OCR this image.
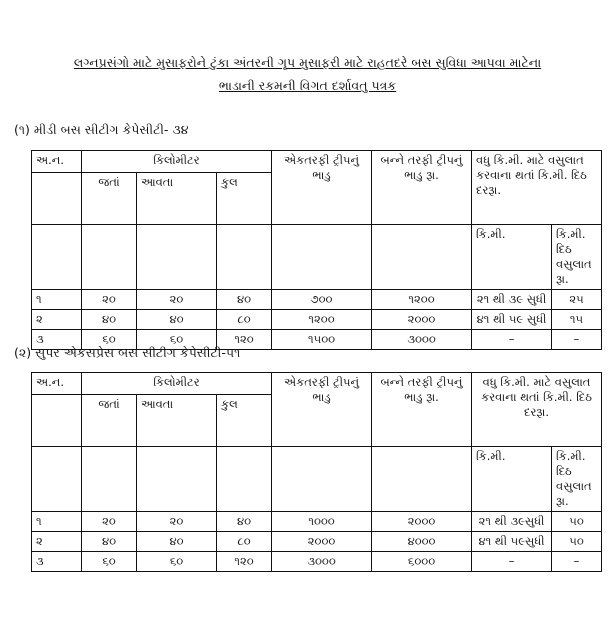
લગ્નપ્રસંગો માટે મુસાફરોને ટુંકા અંતરની ગૃપ મુસાફરી માટે રાહતદરે બસ સુવિધા આપવા માટેના
ભાડાની રકમની વિગત દર્શાવતુ પત્રક
(૧) મીડી બસ સીટીગ કેપેસીટી- ૩૪
અ.ન.	કિલોમીટર			એકતરફી ટ્રીપનું ભાડુ	બન્ને તરફી ટ્રીપનું ભાડુ રૂા.	વધુ કિ.મી. માટે વસુલાત કરવાના થતાં કિ.મી. દિઠ દરરૂા.	
	જતાં	આવતા	કુલ				
						કિ.મી.	કિ.મી. દિઠ વસુલાત રૂા.
૧	૨૦	૨૦	૪૦	૭૦૦	૧૨૦૦	૨૧ થી ૩૯ સુધી	૨૫
૨	૪૦	૪૦	૮૦	૧૨૦૦	૨૦૦૦	૪૧ થી ૫૯ સુધી	૧૫
૩	૬૦	૬૦	૧૨૦	૧૫૦૦	૩૦૦૦	–	–
(૨) સુપર એકસપ્રેસ બસ સીટીગ કેપેસીટી-૫૧
અ.ન.	કિલોમીટર			એકતરફી ટ્રીપનું ભાડુ	બન્ને તરફી ટ્રીપનું ભાડુ રૂા.	વધુ કિ.મી. માટે વસુલાત કરવાના થતાં કિ.મી. દિઠ દરરૂા.	
	જતાં	આવતા	કુલ				
						કિ.મી.	કિ.મી. દિઠ વસુલાત રૂા.
૧	૨૦	૨૦	૪૦	૧૦૦૦	૨૦૦૦	૨૧ થી ૩૯સુધી	૫૦
૨	૪૦	૪૦	૮૦	૨૦૦૦	૪૦૦૦	૪૧ થી ૫૯સુધી	૫૦
૩	૬૦	૬૦	૧૨૦	૩૦૦૦	૬૦૦૦	–	–
